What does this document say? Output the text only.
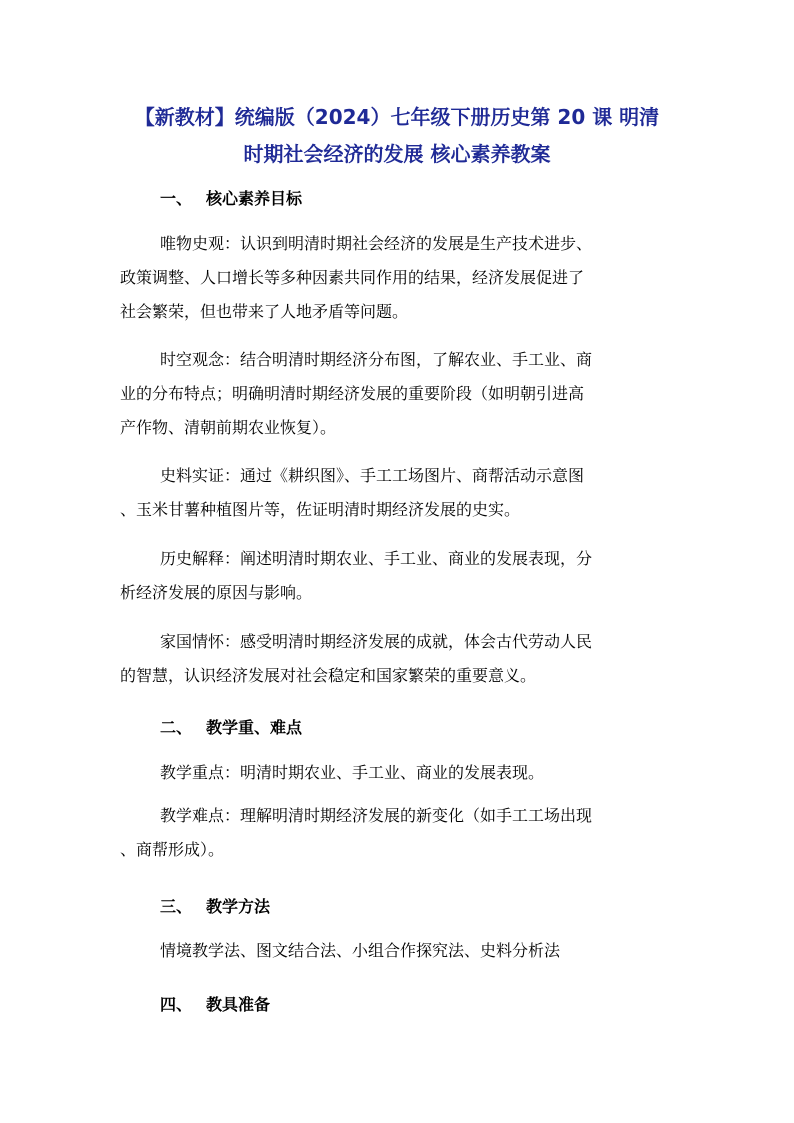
【新教材】统编版（2024）七年级下册历史第 20 课 明清
时期社会经济的发展 核心素养教案
一、 核心素养目标

唯物史观：认识到明清时期社会经济的发展是生产技术进步、
政策调整、人口增长等多种因素共同作用的结果，经济发展促进了
社会繁荣，但也带来了人地矛盾等问题。

时空观念：结合明清时期经济分布图，了解农业、手工业、商
业的分布特点；明确明清时期经济发展的重要阶段（如明朝引进高
产作物、清朝前期农业恢复）。

史料实证：通过《耕织图》、手工工场图片、商帮活动示意图
、玉米甘薯种植图片等，佐证明清时期经济发展的史实。

历史解释：阐述明清时期农业、手工业、商业的发展表现，分
析经济发展的原因与影响。

家国情怀：感受明清时期经济发展的成就，体会古代劳动人民
的智慧，认识经济发展对社会稳定和国家繁荣的重要意义。

二、 教学重、难点

教学重点：明清时期农业、手工业、商业的发展表现。

教学难点：理解明清时期经济发展的新变化（如手工工场出现
、商帮形成）。

三、 教学方法

情境教学法、图文结合法、小组合作探究法、史料分析法

四、 教具准备
